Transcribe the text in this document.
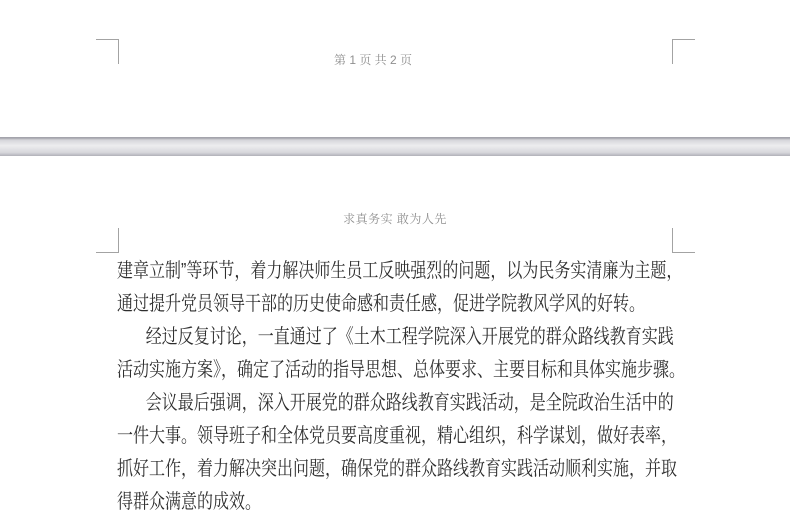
第 1 页 共 2 页
求真务实 敢为人先
建章立制”等环节，着力解决师生员工反映强烈的问题，以为民务实清廉为主题，
通过提升党员领导干部的历史使命感和责任感，促进学院教风学风的好转。
经过反复讨论，一直通过了《土木工程学院深入开展党的群众路线教育实践
活动实施方案》，确定了活动的指导思想、总体要求、主要目标和具体实施步骤。
会议最后强调，深入开展党的群众路线教育实践活动，是全院政治生活中的
一件大事。领导班子和全体党员要高度重视，精心组织，科学谋划，做好表率，
抓好工作，着力解决突出问题，确保党的群众路线教育实践活动顺利实施，并取
得群众满意的成效。
